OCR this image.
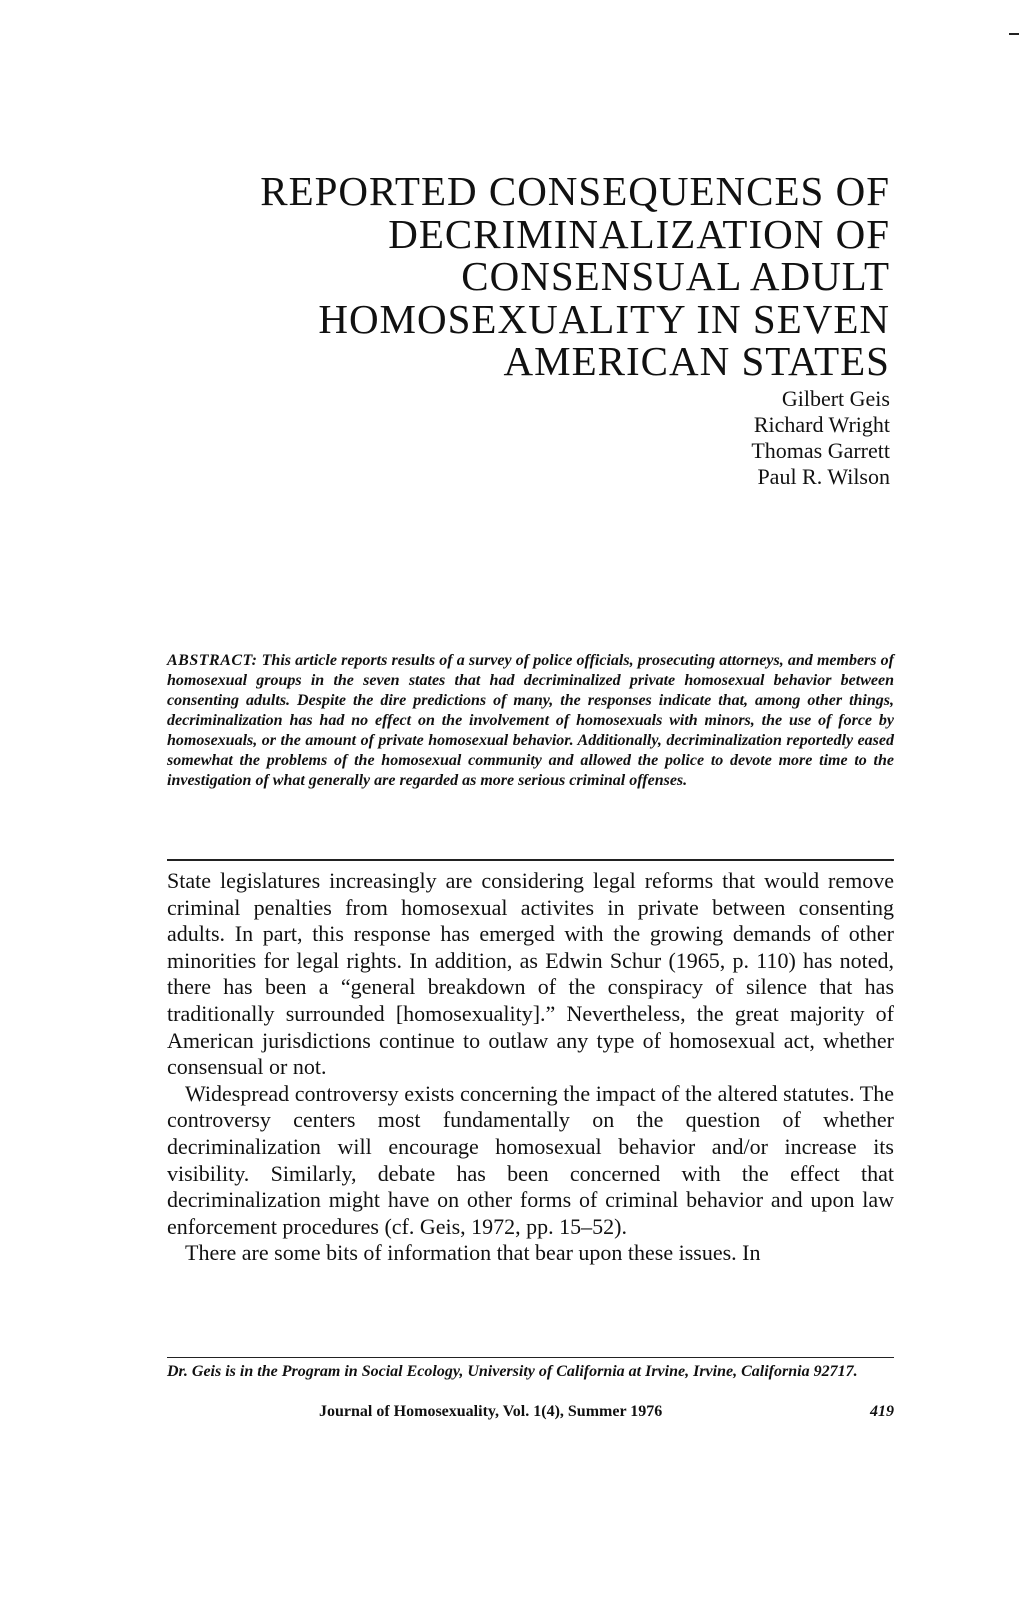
REPORTED CONSEQUENCES OF
DECRIMINALIZATION OF
CONSENSUAL ADULT
HOMOSEXUALITY IN SEVEN
AMERICAN STATES
Gilbert Geis
Richard Wright
Thomas Garrett
Paul R. Wilson

ABSTRACT: This article reports results of a survey of police officials, prosecuting attorneys, and members of homosexual groups in the seven states that had decriminalized private homosexual behavior between consenting adults. Despite the dire predictions of many, the responses indicate that, among other things, decriminalization has had no effect on the involvement of homosexuals with minors, the use of force by homosexuals, or the amount of private homosexual behavior. Additionally, decriminalization reportedly eased somewhat the problems of the homosexual community and allowed the police to devote more time to the investigation of what generally are regarded as more serious criminal offenses.

State legislatures increasingly are considering legal reforms that would remove criminal penalties from homosexual activites in private between consenting adults. In part, this response has emerged with the growing demands of other minorities for legal rights. In addition, as Edwin Schur (1965, p. 110) has noted, there has been a “general breakdown of the conspiracy of silence that has traditionally surrounded [homosexuality].” Nevertheless, the great majority of American jurisdictions continue to outlaw any type of homosexual act, whether consensual or not.

Widespread controversy exists concerning the impact of the altered statutes. The controversy centers most fundamentally on the question of whether decriminalization will encourage homosexual behavior and/or increase its visibility. Similarly, debate has been concerned with the effect that decriminalization might have on other forms of criminal behavior and upon law enforcement procedures (cf. Geis, 1972, pp. 15–52).

There are some bits of information that bear upon these issues. In

Dr. Geis is in the Program in Social Ecology, University of California at Irvine, Irvine, California 92717.

Journal of Homosexuality, Vol. 1(4), Summer 1976	419
